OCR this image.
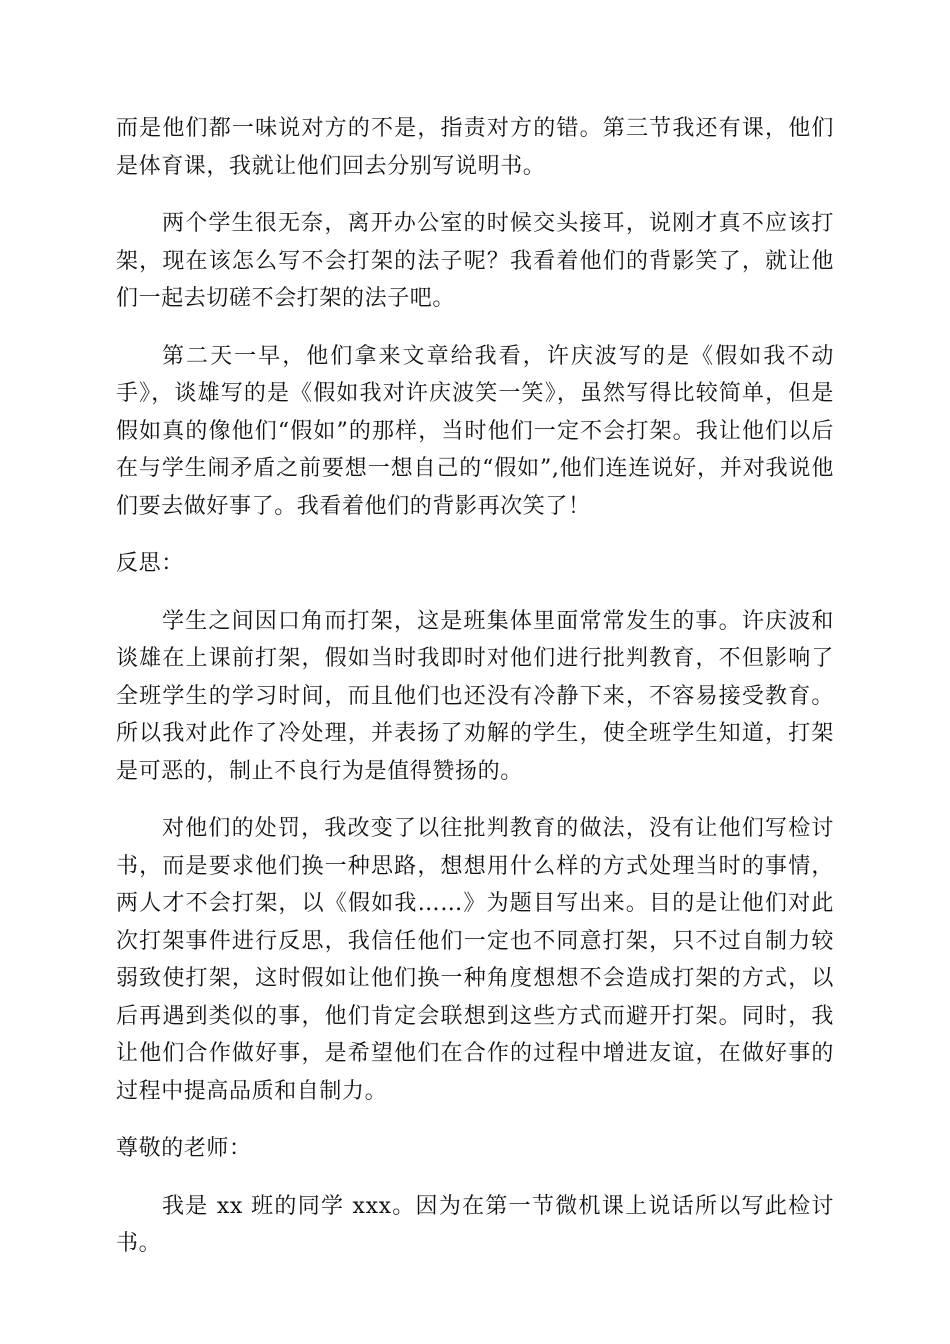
而是他们都一味说对方的不是，指责对方的错。第三节我还有课，他们是体育课，我就让他们回去分别写说明书。

两个学生很无奈，离开办公室的时候交头接耳，说刚才真不应该打架，现在该怎么写不会打架的法子呢？我看着他们的背影笑了，就让他们一起去切磋不会打架的法子吧。

第二天一早，他们拿来文章给我看，许庆波写的是《假如我不动手》，谈雄写的是《假如我对许庆波笑一笑》，虽然写得比较简单，但是假如真的像他们“假如”的那样，当时他们一定不会打架。我让他们以后在与学生闹矛盾之前要想一想自己的“假如”,他们连连说好，并对我说他们要去做好事了。我看着他们的背影再次笑了！

反思：

学生之间因口角而打架，这是班集体里面常常发生的事。许庆波和谈雄在上课前打架，假如当时我即时对他们进行批判教育，不但影响了全班学生的学习时间，而且他们也还没有冷静下来，不容易接受教育。所以我对此作了冷处理，并表扬了劝解的学生，使全班学生知道，打架是可恶的，制止不良行为是值得赞扬的。

对他们的处罚，我改变了以往批判教育的做法，没有让他们写检讨书，而是要求他们换一种思路，想想用什么样的方式处理当时的事情，两人才不会打架，以《假如我……》为题目写出来。目的是让他们对此次打架事件进行反思，我信任他们一定也不同意打架，只不过自制力较弱致使打架，这时假如让他们换一种角度想想不会造成打架的方式，以后再遇到类似的事，他们肯定会联想到这些方式而避开打架。同时，我让他们合作做好事，是希望他们在合作的过程中增进友谊，在做好事的过程中提高品质和自制力。

尊敬的老师：

我是 xx 班的同学 xxx。因为在第一节微机课上说话所以写此检讨书。
